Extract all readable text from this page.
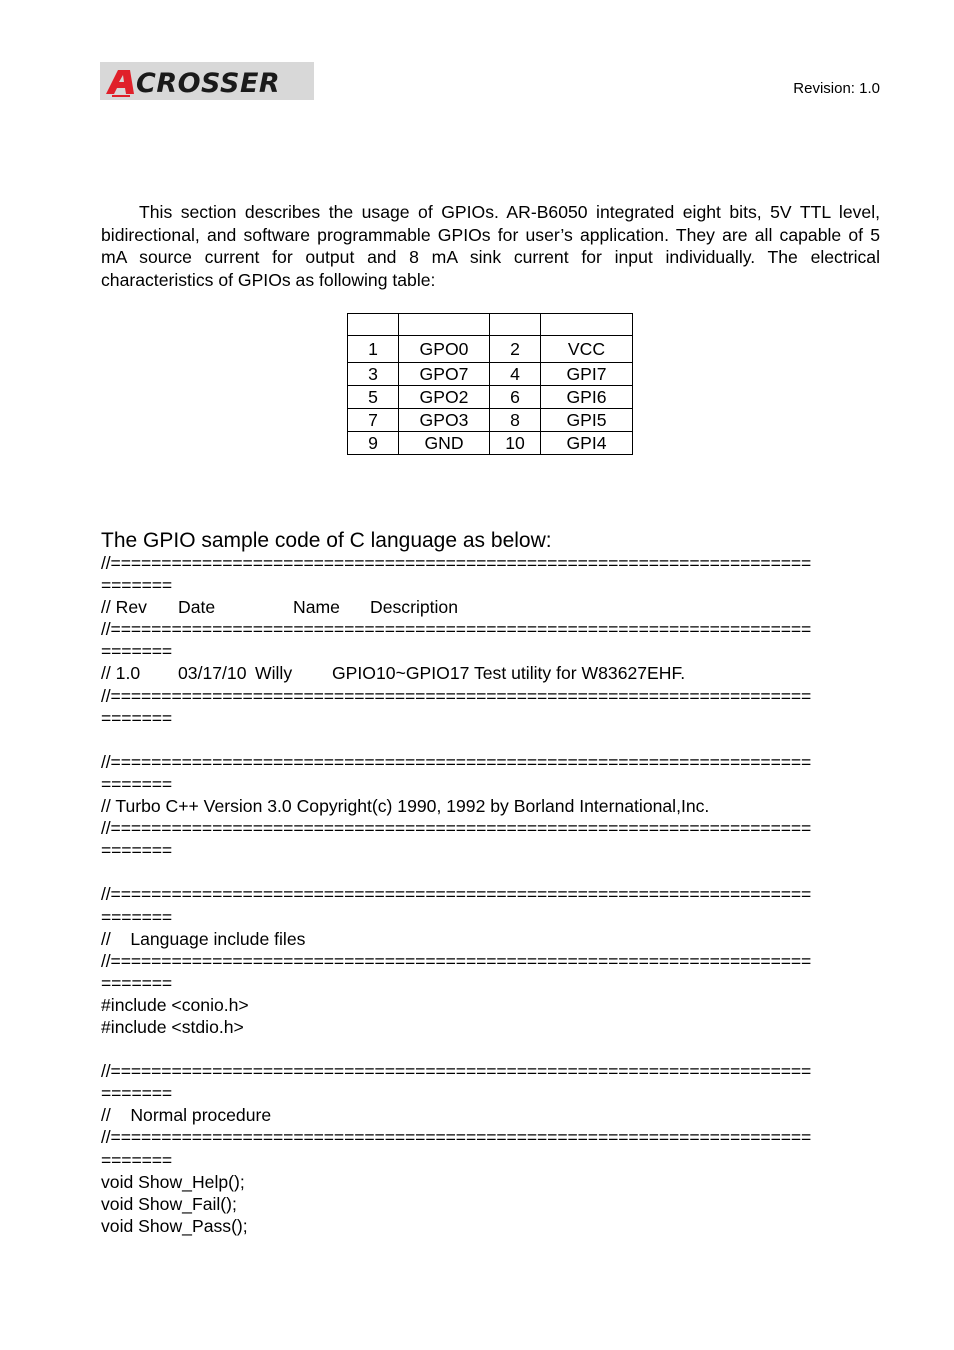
CROSSER	Revision: 1.0

This section describes the usage of GPIOs. AR-B6050 integrated eight bits, 5V TTL level, bidirectional, and software programmable GPIOs for user’s application. They are all capable of 5 mA source current for output and 8 mA sink current for input individually. The electrical characteristics of GPIOs as following table:

1	GPO0	2	VCC
3	GPO7	4	GPI7
5	GPO2	6	GPI6
7	GPO3	8	GPI5
9	GND	10	GPI4
The GPIO sample code of C language as below:
//=====================================================================
=======
// Rev Date	Name Description
//=====================================================================
=======
// 1.0 03/17/10 Willy GPIO10~GPIO17 Test utility for W83627EHF.
//=====================================================================
=======
//=====================================================================
=======
// Turbo C++ Version 3.0 Copyright(c) 1990, 1992 by Borland International,Inc.
//=====================================================================
=======
//=====================================================================
=======
//    Language include files
//=====================================================================
=======
#include <conio.h>
#include <stdio.h>
//=====================================================================
=======
//    Normal procedure
//=====================================================================
=======
void Show_Help();
void Show_Fail();
void Show_Pass();
